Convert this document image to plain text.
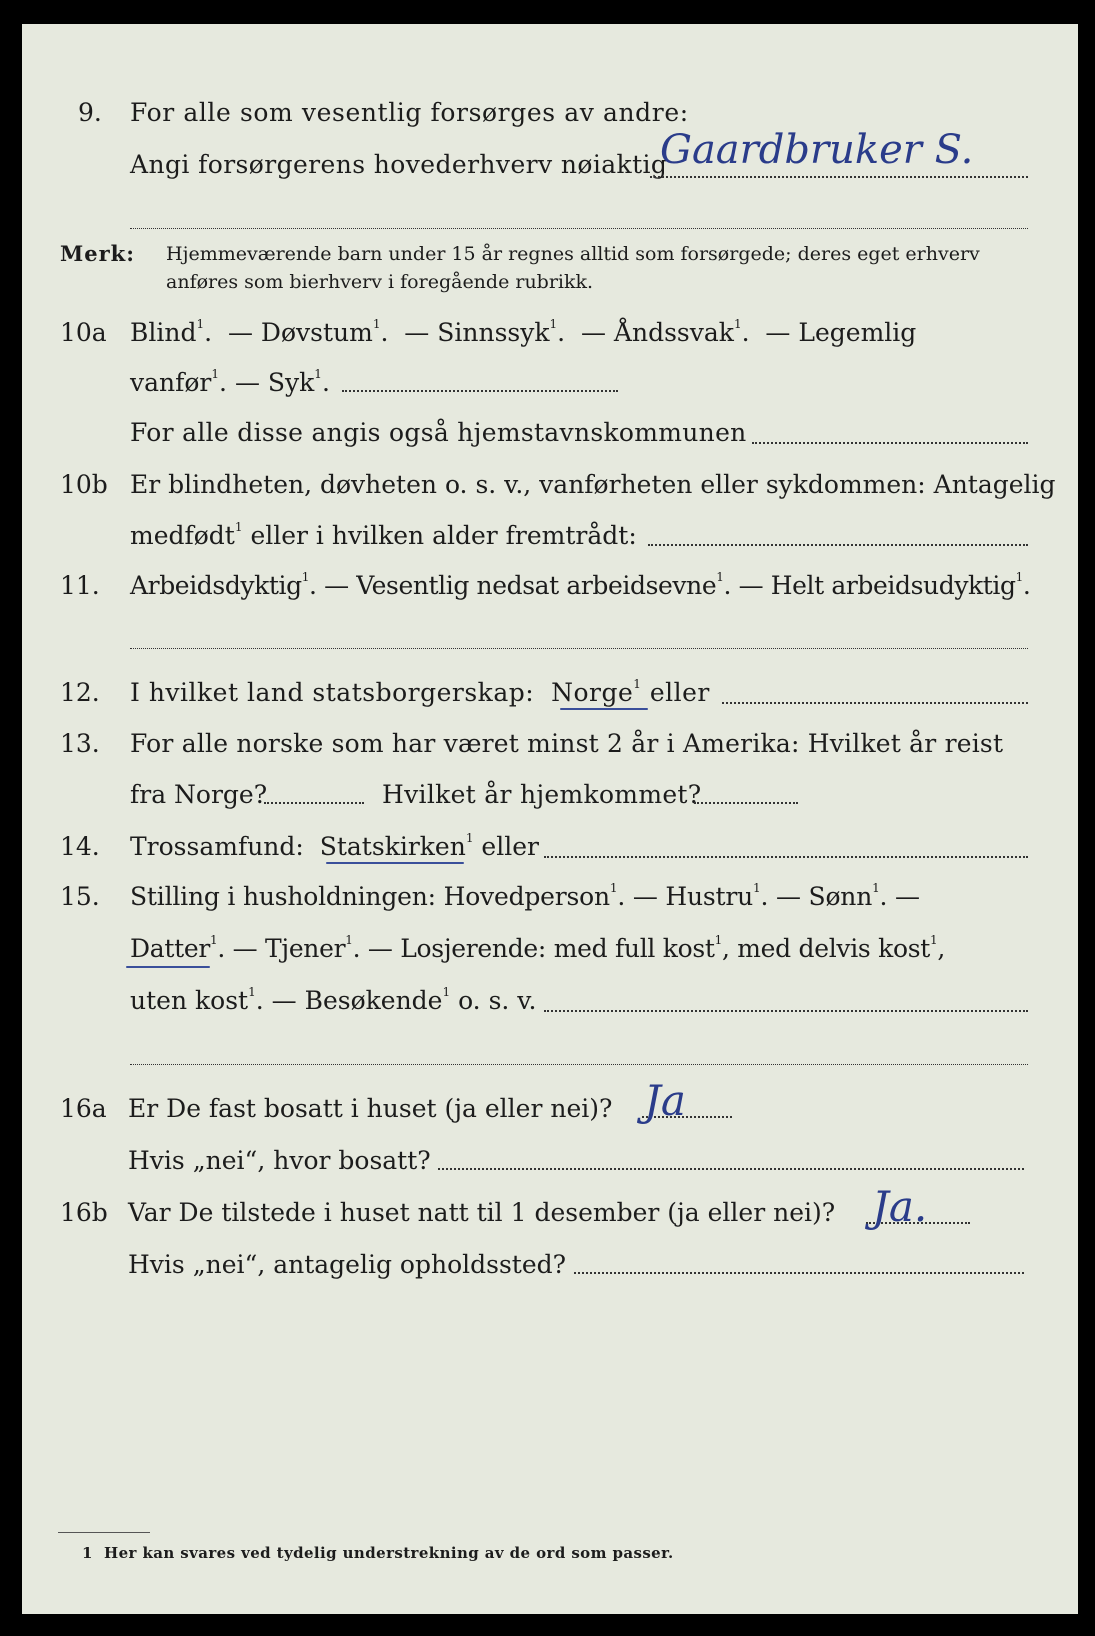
9. For alle som vesentlig forsørges av andre:
Angi forsørgerens hovederhverv nøiaktig
Gaardbruker S.
Merk: Hjemmeværende barn under 15 år regnes alltid som forsørgede; deres eget erhverv
anføres som bierhverv i foregående rubrikk.
10a Blind$^1$.  — Døvstum$^1$.  — Sinnssyk$^1$.  — Åndssvak$^1$.  — Legemlig
vanfør$^1$. — Syk$^1$.
For alle disse angis også hjemstavnskommunen
10b Er blindheten, døvheten o. s. v., vanførheten eller sykdommen: Antagelig
medfødt$^1$ eller i hvilken alder fremtrådt:
11. Arbeidsdyktig$^1$. — Vesentlig nedsat arbeidsevne$^1$. — Helt arbeidsudyktig$^1$.
12. I hvilket land statsborgerskap: Norge$^1$ eller
13. For alle norske som har været minst 2 år i Amerika: Hvilket år reist
fra Norge?	Hvilket år hjemkommet?
14. Trossamfund: Statskirken$^1$ eller
15. Stilling i husholdningen: Hovedperson$^1$. — Hustru$^1$. — Sønn$^1$. —
Datter$^1$. — Tjener$^1$. — Losjerende: med full kost$^1$, med delvis kost$^1$,
uten kost$^1$. — Besøkende$^1$ o. s. v.
16a Er De fast bosatt i huset (ja eller nei)? Ja
Hvis „nei“, hvor bosatt?
16b Var De tilstede i huset natt til 1 desember (ja eller nei)? Ja.
Hvis „nei“, antagelig opholdssted?
1 Her kan svares ved tydelig understrekning av de ord som passer.
